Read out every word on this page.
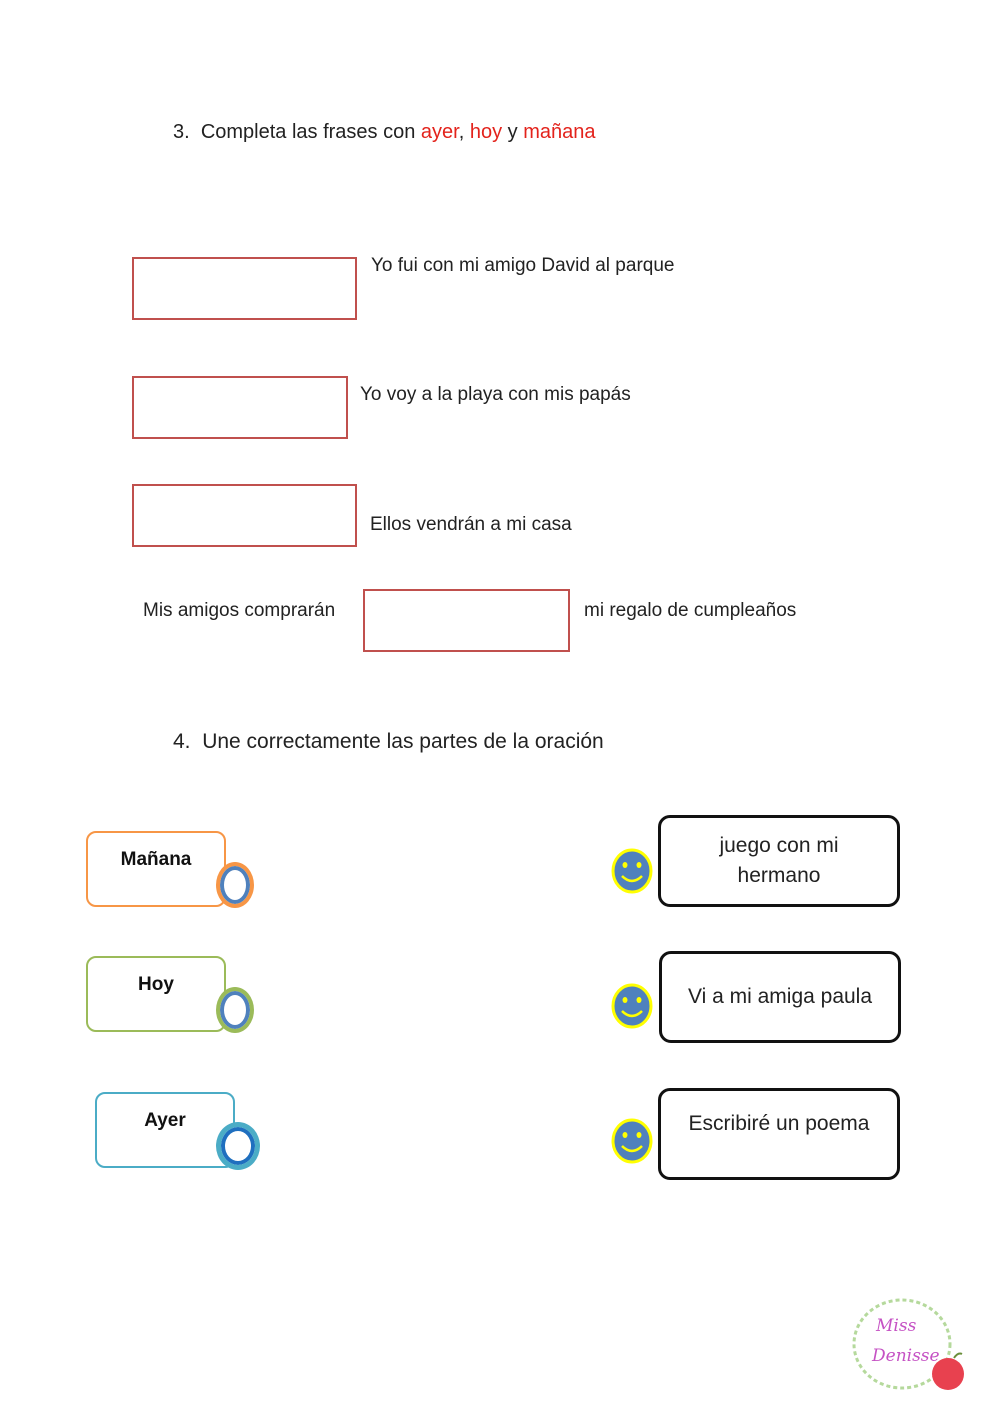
3. Completa las frases con ayer, hoy y mañana
Yo fui con mi amigo David al parque
Yo voy a la playa con mis papás
Ellos vendrán a mi casa
Mis amigos comprarán	mi regalo de cumpleaños
4. Une correctamente las partes de la oración
Mañana
Hoy
Ayer
juego con mi hermano
Vi a mi amiga paula
Escribiré un poema
Miss
Denisse
